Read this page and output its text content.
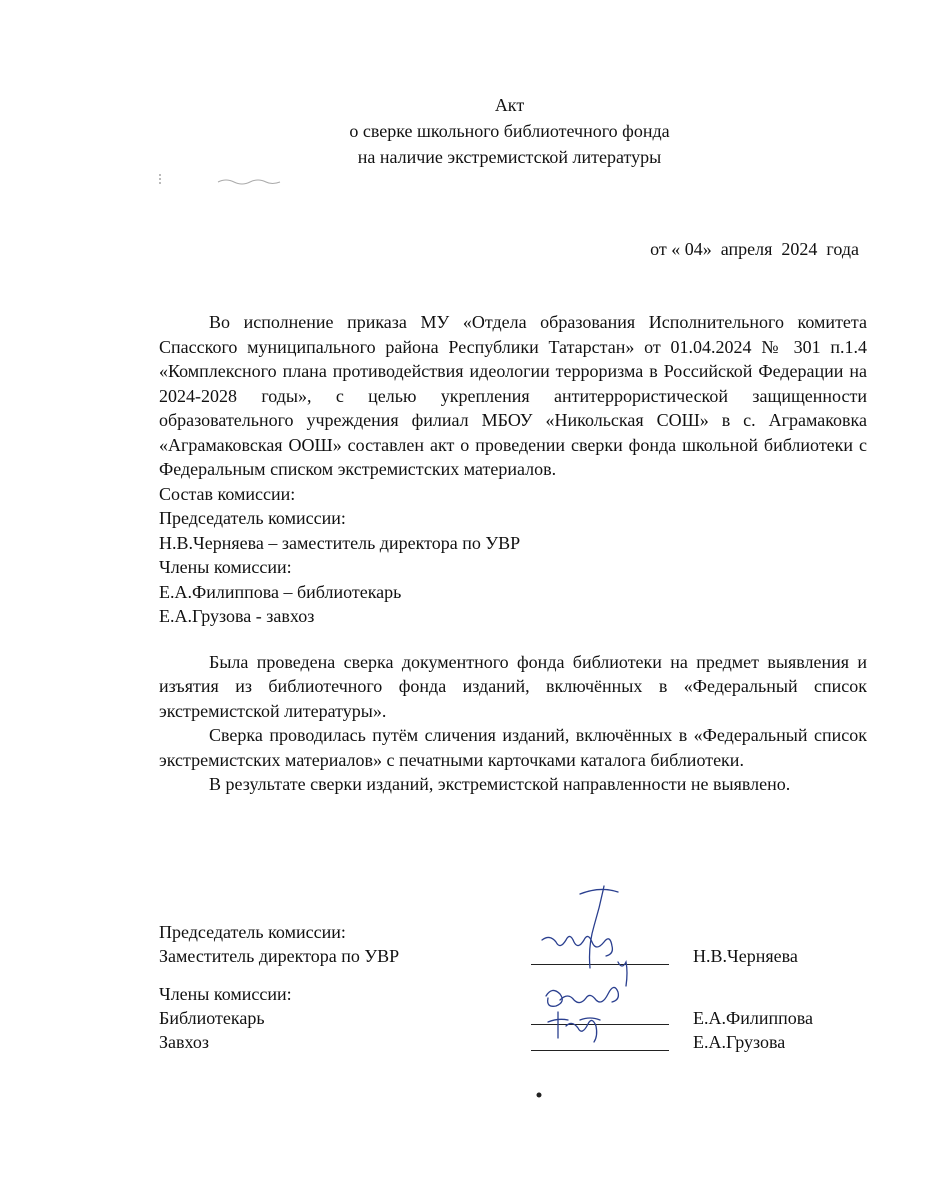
Акт
о сверке школьного библиотечного фонда
на наличие экстремистской литературы
от « 04»  апреля  2024  года

Во исполнение приказа МУ «Отдела образования Исполнительного комитета Спасского муниципального района Республики Татарстан» от 01.04.2024 № 301 п.1.4 «Комплексного плана противодействия идеологии терроризма в Российской Федерации на 2024-2028 годы», с целью укрепления антитеррористической защищенности образовательного учреждения филиал МБОУ «Никольская СОШ» в с. Аграмаковка «Аграмаковская ООШ» составлен акт о проведении сверки фонда школьной библиотеки с Федеральным списком экстремистских материалов.

Состав комиссии:
Председатель комиссии:
Н.В.Черняева – заместитель директора по УВР
Члены комиссии:
Е.А.Филиппова – библиотекарь
Е.А.Грузова - завхоз

Была проведена сверка документного фонда библиотеки на предмет выявления и изъятия из библиотечного фонда изданий, включённых в «Федеральный список экстремистской литературы».

Сверка проводилась путём сличения изданий, включённых в «Федеральный список экстремистских материалов» с печатными карточками каталога библиотеки.

В результате сверки изданий, экстремистской направленности не выявлено.

Председатель комиссии:
Заместитель директора по УВР	Н.В.Черняева
Члены комиссии:
Библиотекарь	Е.А.Филиппова
Завхоз	Е.А.Грузова
